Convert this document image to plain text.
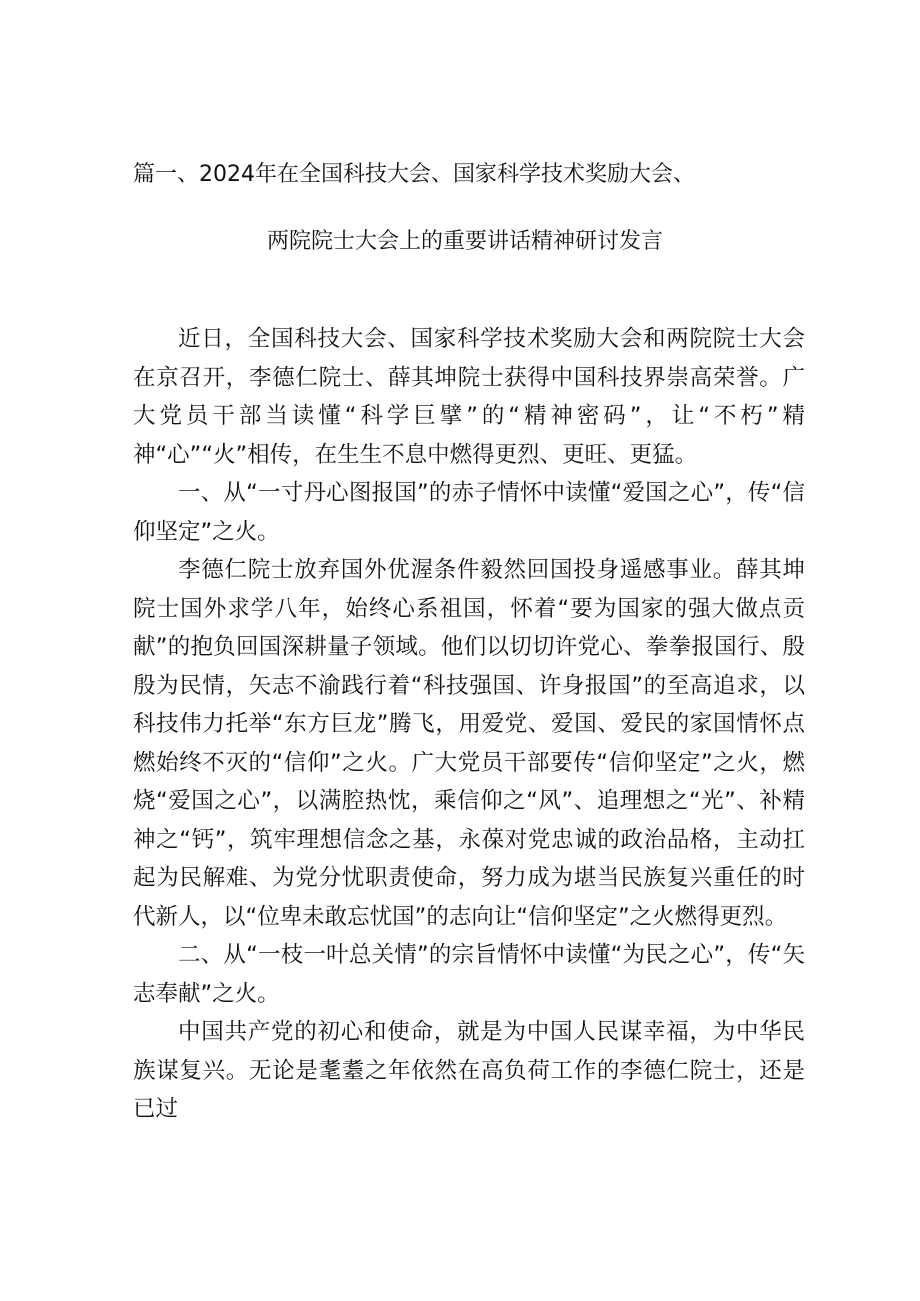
篇一、2024年在全国科技大会、国家科学技术奖励大会、
两院院士大会上的重要讲话精神研讨发言

近日，全国科技大会、国家科学技术奖励大会和两院院士大会在京召开，李德仁院士、薛其坤院士获得中国科技界崇高荣誉。广大党员干部当读懂“科学巨擘”的“精神密码”，让“不朽”精神“心”“火”相传，在生生不息中燃得更烈、更旺、更猛。

一、从“一寸丹心图报国”的赤子情怀中读懂“爱国之心”，传“信仰坚定”之火。

李德仁院士放弃国外优渥条件毅然回国投身遥感事业。薛其坤院士国外求学八年，始终心系祖国，怀着“要为国家的强大做点贡献”的抱负回国深耕量子领域。他们以切切许党心、拳拳报国行、殷殷为民情，矢志不渝践行着“科技强国、许身报国”的至高追求，以科技伟力托举“东方巨龙”腾飞，用爱党、爱国、爱民的家国情怀点燃始终不灭的“信仰”之火。广大党员干部要传“信仰坚定”之火，燃烧“爱国之心”，以满腔热忱，乘信仰之“风”、追理想之“光”、补精神之“钙”，筑牢理想信念之基，永葆对党忠诚的政治品格，主动扛起为民解难、为党分忧职责使命，努力成为堪当民族复兴重任的时代新人，以“位卑未敢忘忧国”的志向让“信仰坚定”之火燃得更烈。

二、从“一枝一叶总关情”的宗旨情怀中读懂“为民之心”，传“矢志奉献”之火。

中国共产党的初心和使命，就是为中国人民谋幸福，为中华民族谋复兴。无论是耄耋之年依然在高负荷工作的李德仁院士，还是已过
